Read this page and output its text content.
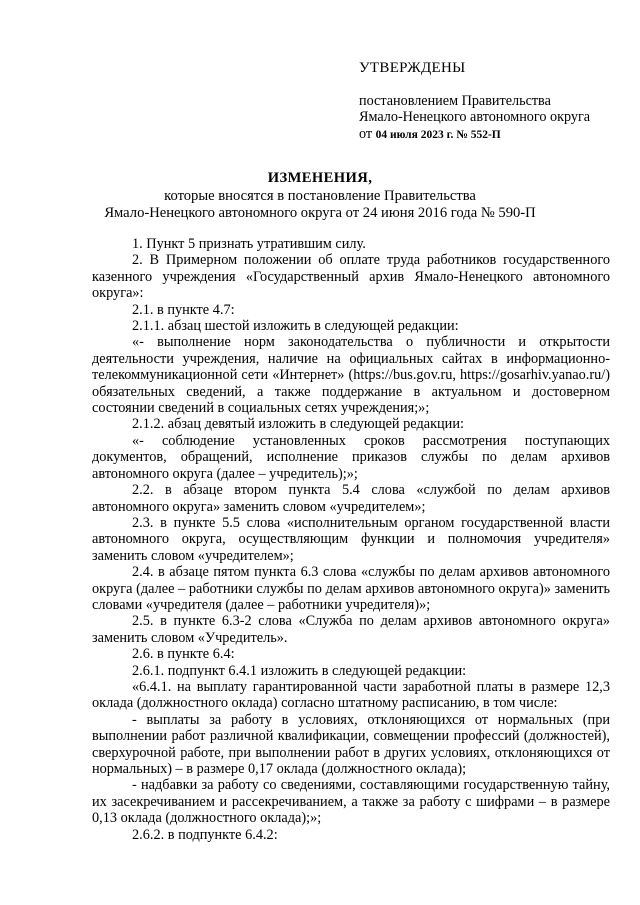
УТВЕРЖДЕНЫ
постановлением Правительства
Ямало-Ненецкого автономного округа
от 04 июля 2023 г. № 552-П
ИЗМЕНЕНИЯ,
которые вносятся в постановление Правительства
Ямало-Ненецкого автономного округа от 24 июня 2016 года № 590-П

1. Пункт 5 признать утратившим силу.

2. В Примерном положении об оплате труда работников государственного казенного учреждения «Государственный архив Ямало-Ненецкого автономного округа»:

2.1. в пункте 4.7:

2.1.1. абзац шестой изложить в следующей редакции:

«- выполнение норм законодательства о публичности и открытости деятельности учреждения, наличие на официальных сайтах в информационно-телекоммуникационной сети «Интернет» (https://bus.gov.ru, https://gosarhiv.yanao.ru/) обязательных сведений, а также поддержание в актуальном и достоверном состоянии сведений в социальных сетях учреждения;»;

2.1.2. абзац девятый изложить в следующей редакции:

«- соблюдение установленных сроков рассмотрения поступающих документов, обращений, исполнение приказов службы по делам архивов автономного округа (далее – учредитель);»;

2.2. в абзаце втором пункта 5.4 слова «службой по делам архивов автономного округа» заменить словом «учредителем»;

2.3. в пункте 5.5 слова «исполнительным органом государственной власти автономного округа, осуществляющим функции и полномочия учредителя» заменить словом «учредителем»;

2.4. в абзаце пятом пункта 6.3 слова «службы по делам архивов автономного округа (далее – работники службы по делам архивов автономного округа)» заменить словами «учредителя (далее – работники учредителя)»;

2.5. в пункте 6.3-2 слова «Служба по делам архивов автономного округа» заменить словом «Учредитель».

2.6. в пункте 6.4:

2.6.1. подпункт 6.4.1 изложить в следующей редакции:

«6.4.1. на выплату гарантированной части заработной платы в размере 12,3 оклада (должностного оклада) согласно штатному расписанию, в том числе:

- выплаты за работу в условиях, отклоняющихся от нормальных (при выполнении работ различной квалификации, совмещении профессий (должностей), сверхурочной работе, при выполнении работ в других условиях, отклоняющихся от нормальных) – в размере 0,17 оклада (должностного оклада);

- надбавки за работу со сведениями, составляющими государственную тайну, их засекречиванием и рассекречиванием, а также за работу с шифрами – в размере 0,13 оклада (должностного оклада);»;

2.6.2. в подпункте 6.4.2:
